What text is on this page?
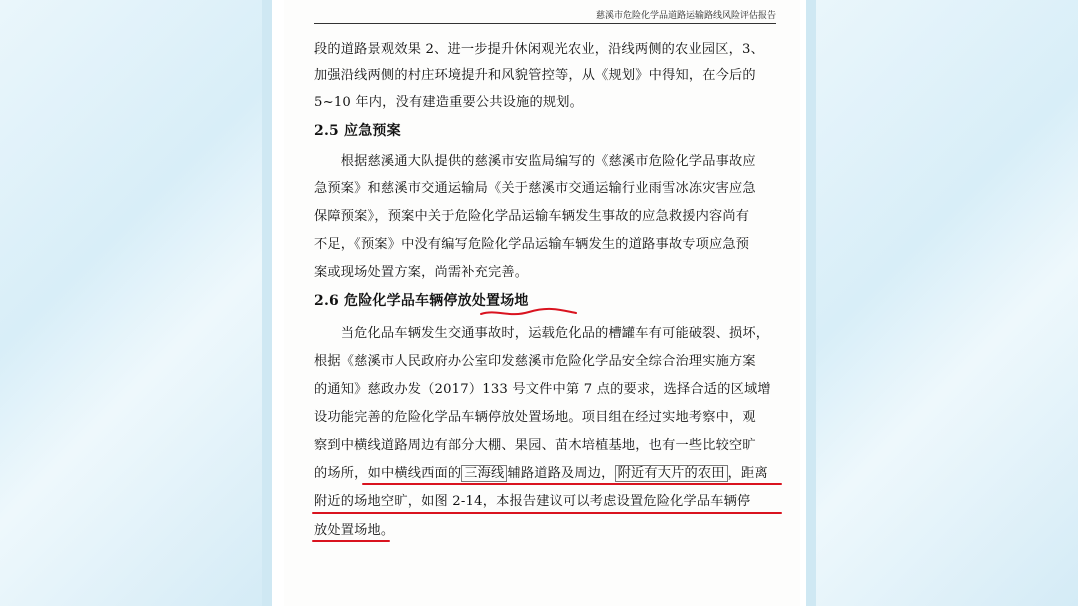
慈溪市危险化学品道路运输路线风险评估报告
段的道路景观效果 2、进一步提升休闲观光农业，沿线两侧的农业园区，3、
加强沿线两侧的村庄环境提升和风貌管控等，从《规划》中得知，在今后的
5~10 年内，没有建造重要公共设施的规划。
2.5 应急预案
　　根据慈溪通大队提供的慈溪市安监局编写的《慈溪市危险化学品事故应
急预案》和慈溪市交通运输局《关于慈溪市交通运输行业雨雪冰冻灾害应急
保障预案》，预案中关于危险化学品运输车辆发生事故的应急救援内容尚有
不足，《预案》中没有编写危险化学品运输车辆发生的道路事故专项应急预
案或现场处置方案，尚需补充完善。
2.6 危险化学品车辆停放处置场地
　　当危化品车辆发生交通事故时，运载危化品的槽罐车有可能破裂、损坏，
根据《慈溪市人民政府办公室印发慈溪市危险化学品安全综合治理实施方案
的通知》慈政办发（2017）133 号文件中第 7 点的要求，选择合适的区域增
设功能完善的危险化学品车辆停放处置场地。项目组在经过实地考察中，观
察到中横线道路周边有部分大棚、果园、苗木培植基地，也有一些比较空旷
的场所，如中横线西面的 三海线 辅路道路及周边， 附近有大片的农田 ，距离
附近的场地空旷，如图 2-14，本报告建议可以考虑设置危险化学品车辆停
放处置场地。
